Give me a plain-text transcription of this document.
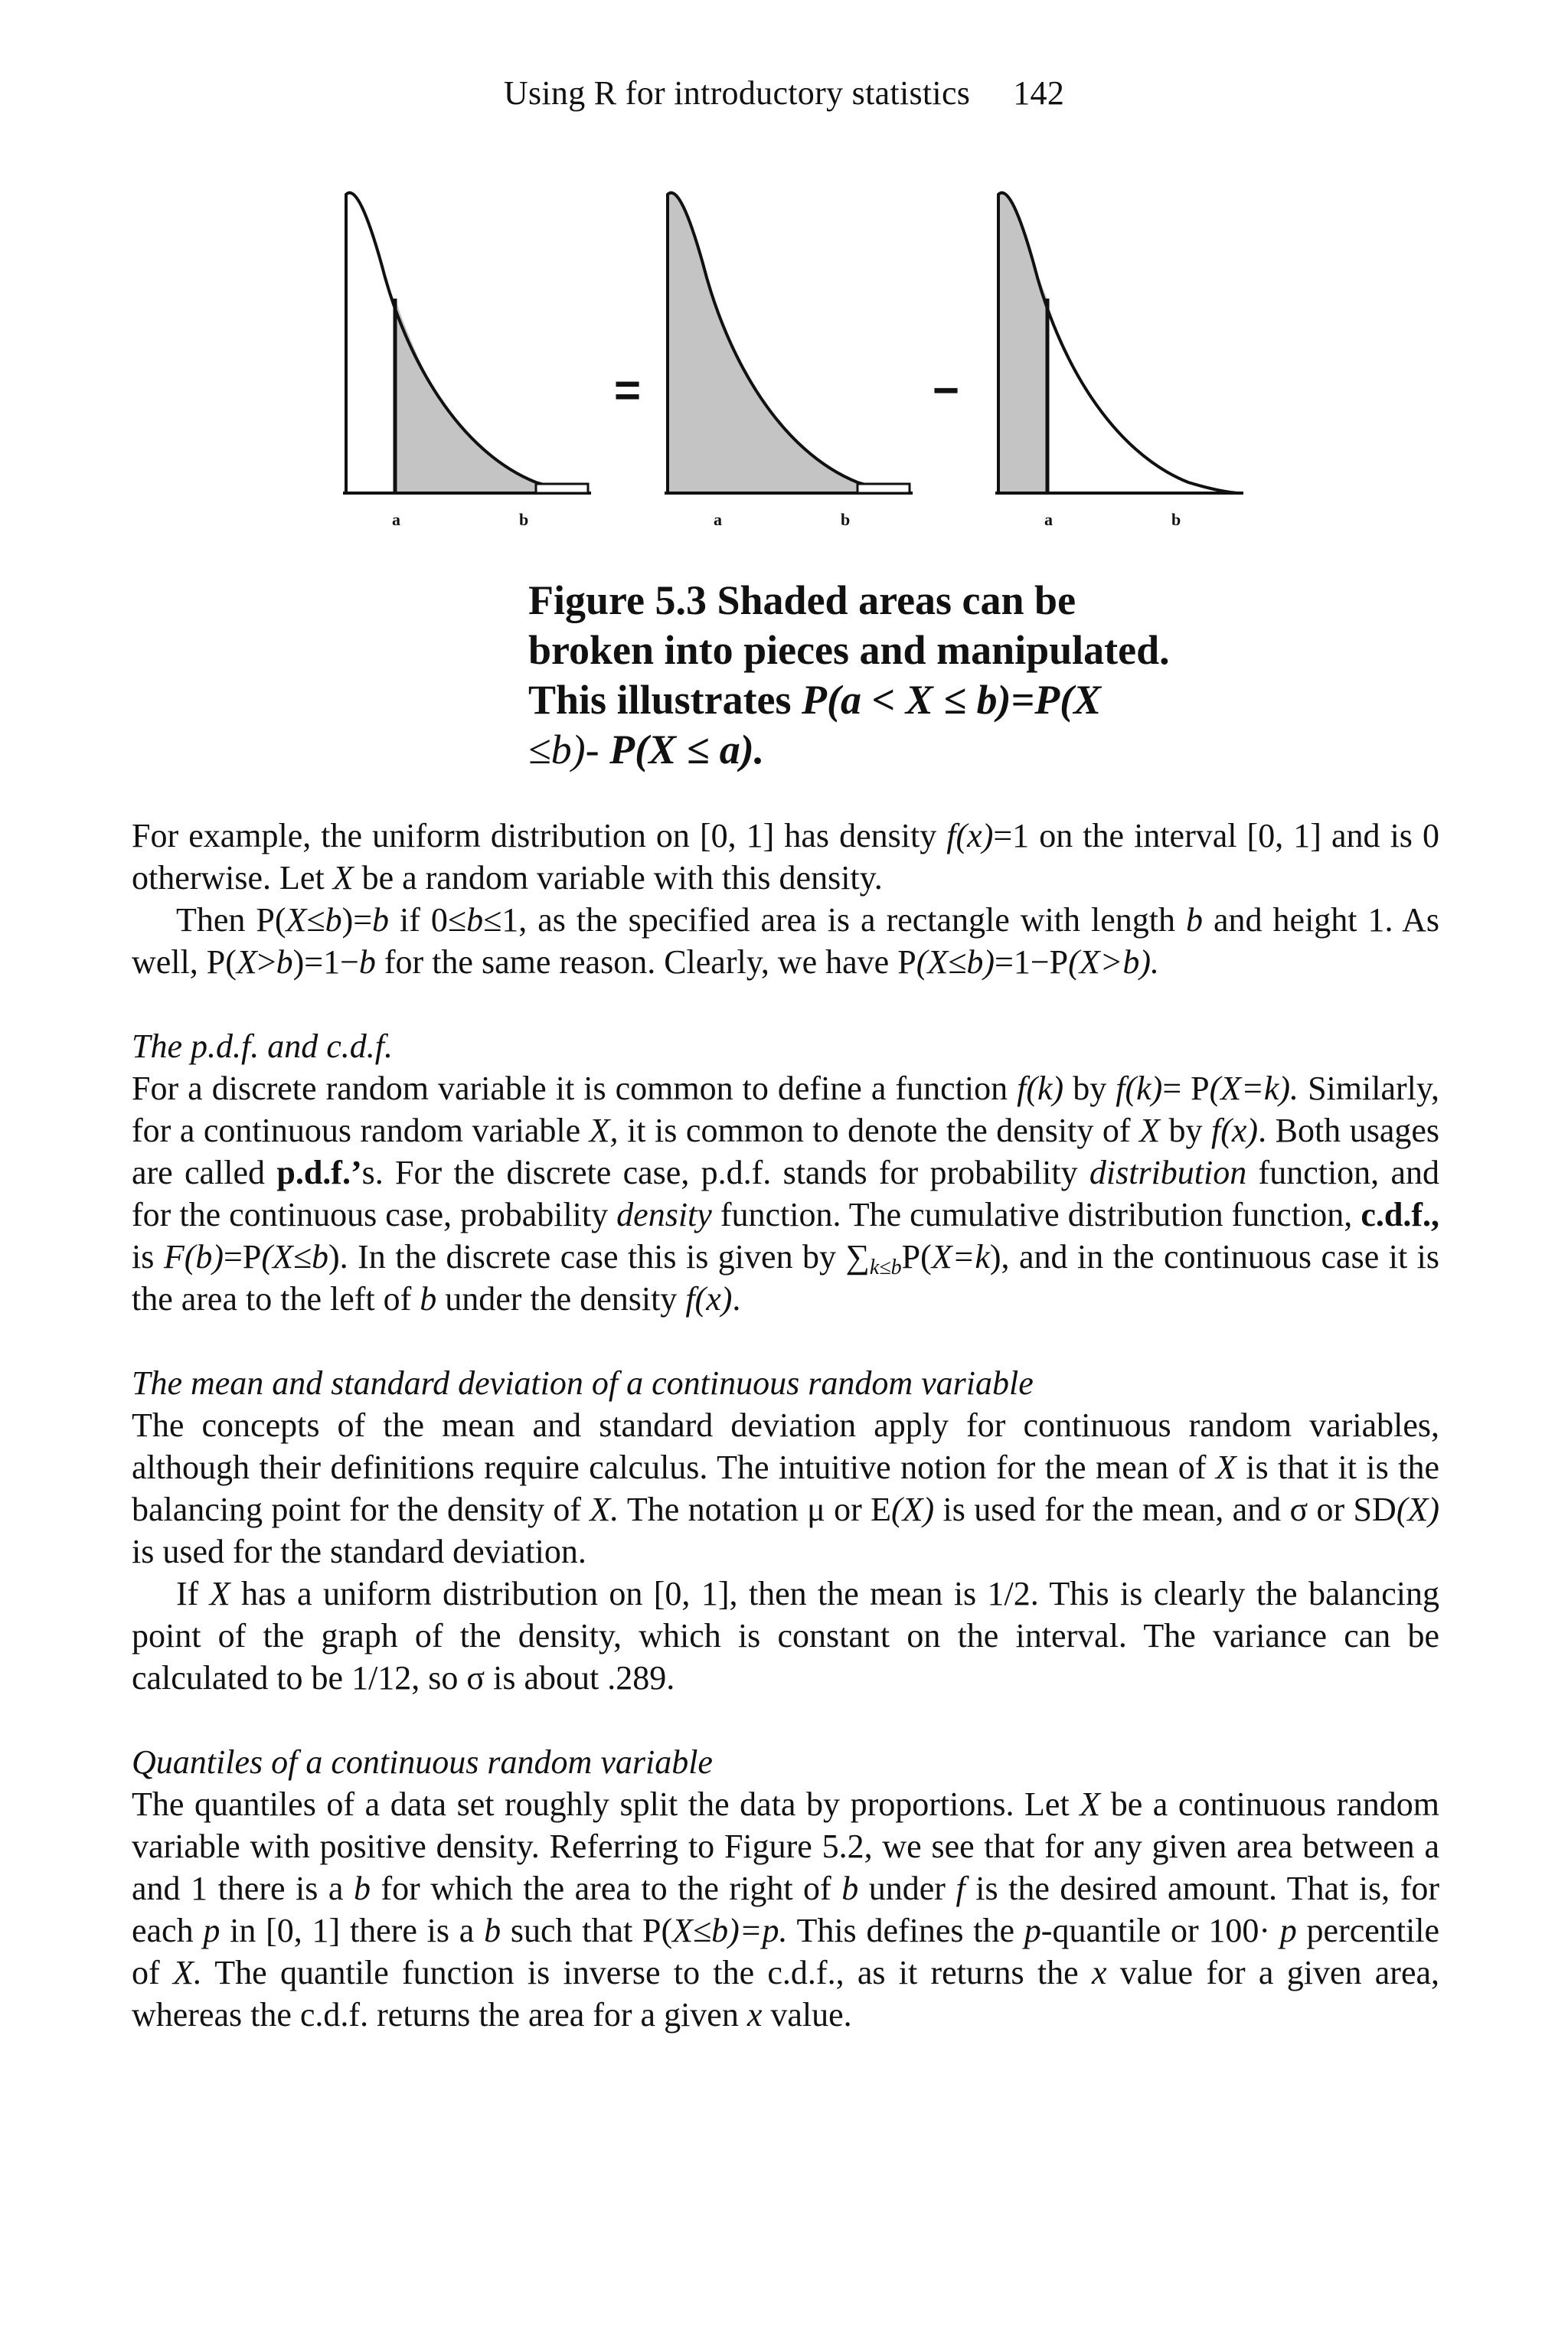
Using R for introductory statistics 142
a	b
=
a	b
−
a	b
Figure 5.3 Shaded areas can be
broken into pieces and manipulated.
This illustrates P(a < X ≤ b)=P(X
≤b)- P(X ≤ a).

For example, the uniform distribution on [0, 1] has density f(x)=1 on the interval [0, 1] and is 0 otherwise. Let X be a random variable with this density.

Then P(X≤b)=b if 0≤b≤1, as the specified area is a rectangle with length b and height 1. As well, P(X>b)=1−b for the same reason. Clearly, we have P(X≤b)=1−P(X>b).

The p.d.f. and c.d.f.

For a discrete random variable it is common to define a function f(k) by f(k)= P(X=k). Similarly, for a continuous random variable X, it is common to denote the density of X by f(x). Both usages are called p.d.f.’s. For the discrete case, p.d.f. stands for probability distribution function, and for the continuous case, probability density function. The cumulative distribution function, c.d.f., is F(b)=P(X≤b). In the discrete case this is given by $\sum_{k\le b}P(X=k)$, and in the continuous case it is the area to the left of b under the density f(x).

The mean and standard deviation of a continuous random variable

The concepts of the mean and standard deviation apply for continuous random variables, although their definitions require calculus. The intuitive notion for the mean of X is that it is the balancing point for the density of X. The notation μ or E(X) is used for the mean, and σ or SD(X) is used for the standard deviation.

If X has a uniform distribution on [0, 1], then the mean is 1/2. This is clearly the balancing point of the graph of the density, which is constant on the interval. The variance can be calculated to be 1/12, so σ is about .289.

Quantiles of a continuous random variable

The quantiles of a data set roughly split the data by proportions. Let X be a continuous random variable with positive density. Referring to Figure 5.2, we see that for any given area between a and 1 there is a b for which the area to the right of b under f is the desired amount. That is, for each p in [0, 1] there is a b such that P(X≤b)=p. This defines the p-quantile or 100· p percentile of X. The quantile function is inverse to the c.d.f., as it returns the x value for a given area, whereas the c.d.f. returns the area for a given x value.
